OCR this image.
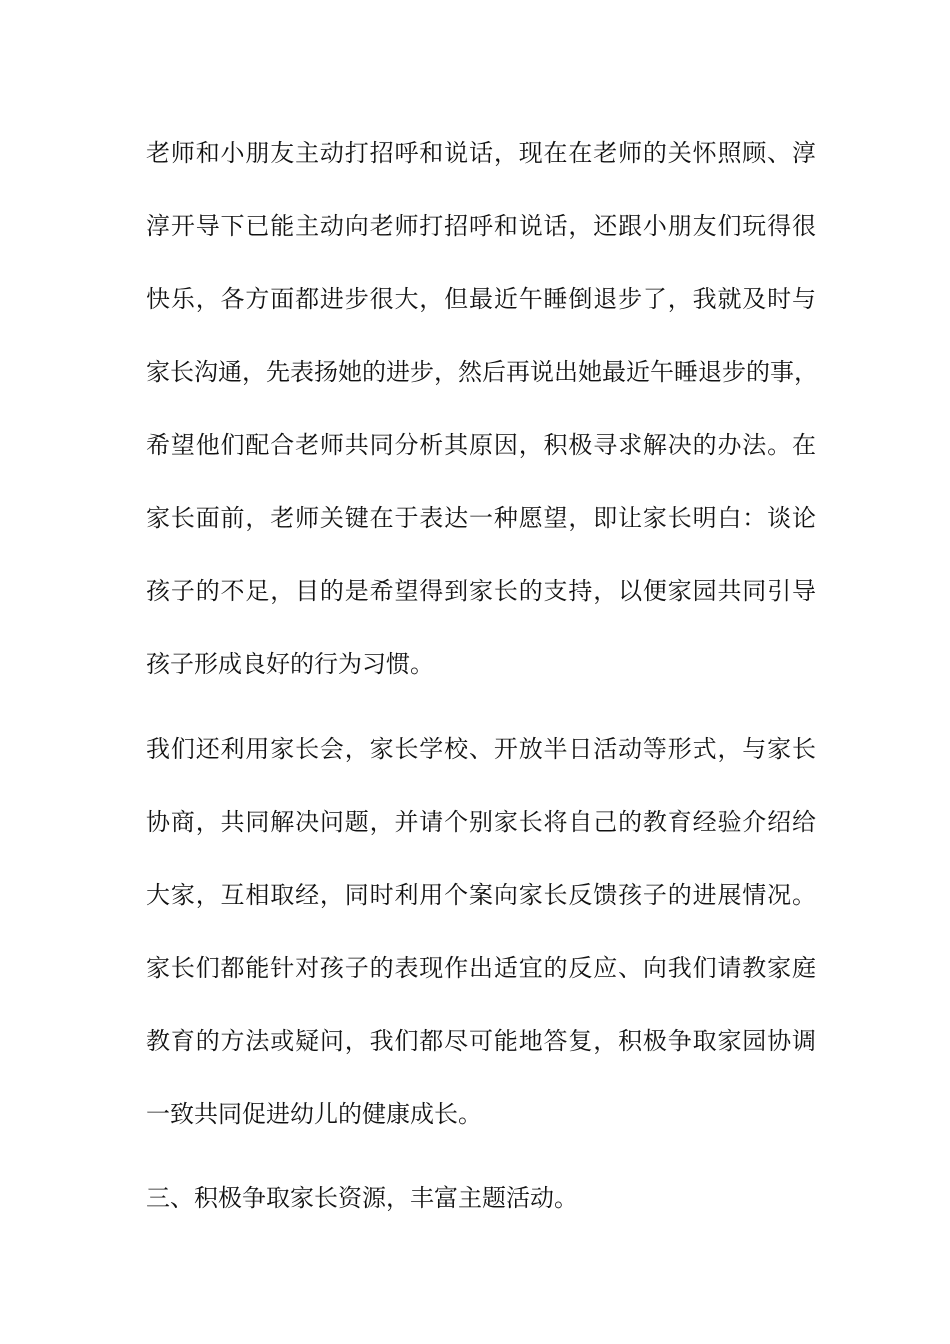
老师和小朋友主动打招呼和说话，现在在老师的关怀照顾、淳
淳开导下已能主动向老师打招呼和说话，还跟小朋友们玩得很
快乐，各方面都进步很大，但最近午睡倒退步了，我就及时与
家长沟通，先表扬她的进步，然后再说出她最近午睡退步的事，
希望他们配合老师共同分析其原因，积极寻求解决的办法。在
家长面前，老师关键在于表达一种愿望，即让家长明白：谈论
孩子的不足，目的是希望得到家长的支持，以便家园共同引导
孩子形成良好的行为习惯。
我们还利用家长会，家长学校、开放半日活动等形式，与家长
协商，共同解决问题，并请个别家长将自己的教育经验介绍给
大家，互相取经，同时利用个案向家长反馈孩子的进展情况。
家长们都能针对孩子的表现作出适宜的反应、向我们请教家庭
教育的方法或疑问，我们都尽可能地答复，积极争取家园协调
一致共同促进幼儿的健康成长。
三、积极争取家长资源，丰富主题活动。
